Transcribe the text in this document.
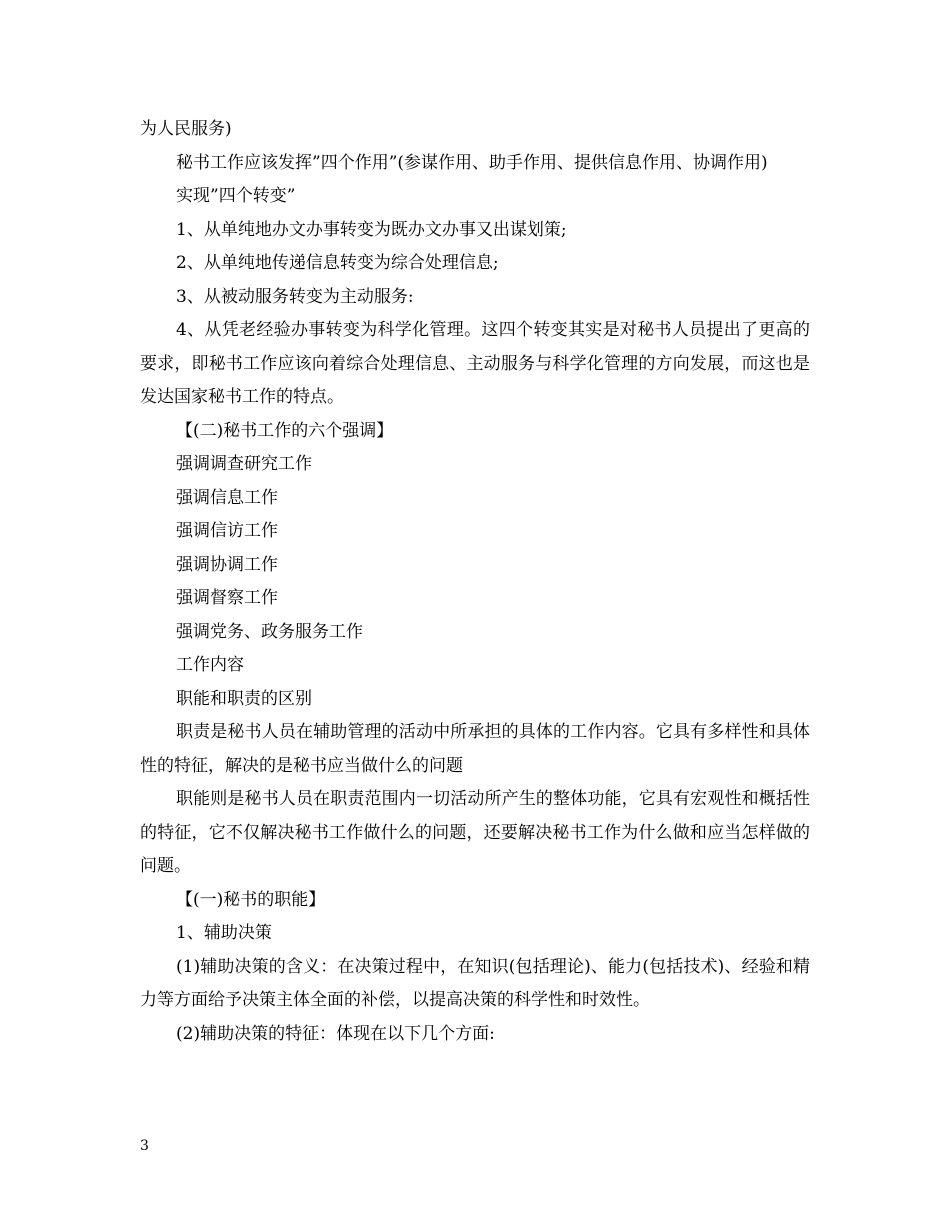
为人民服务)

秘书工作应该发挥”四个作用”(参谋作用、助手作用、提供信息作用、协调作用)

实现”四个转变”

1、从单纯地办文办事转变为既办文办事又出谋划策;

2、从单纯地传递信息转变为综合处理信息;

3、从被动服务转变为主动服务:

4、从凭老经验办事转变为科学化管理。这四个转变其实是对秘书人员提出了更高的要求，即秘书工作应该向着综合处理信息、主动服务与科学化管理的方向发展，而这也是发达国家秘书工作的特点。

【(二)秘书工作的六个强调】

强调调查研究工作

强调信息工作

强调信访工作

强调协调工作

强调督察工作

强调党务、政务服务工作

工作内容

职能和职责的区别

职责是秘书人员在辅助管理的活动中所承担的具体的工作内容。它具有多样性和具体性的特征，解决的是秘书应当做什么的问题

职能则是秘书人员在职责范围内一切活动所产生的整体功能，它具有宏观性和概括性的特征，它不仅解决秘书工作做什么的问题，还要解决秘书工作为什么做和应当怎样做的问题。

【(一)秘书的职能】

1、辅助决策

(1)辅助决策的含义：在决策过程中，在知识(包括理论)、能力(包括技术)、经验和精力等方面给予决策主体全面的补偿，以提高决策的科学性和时效性。

(2)辅助决策的特征：体现在以下几个方面:

3
